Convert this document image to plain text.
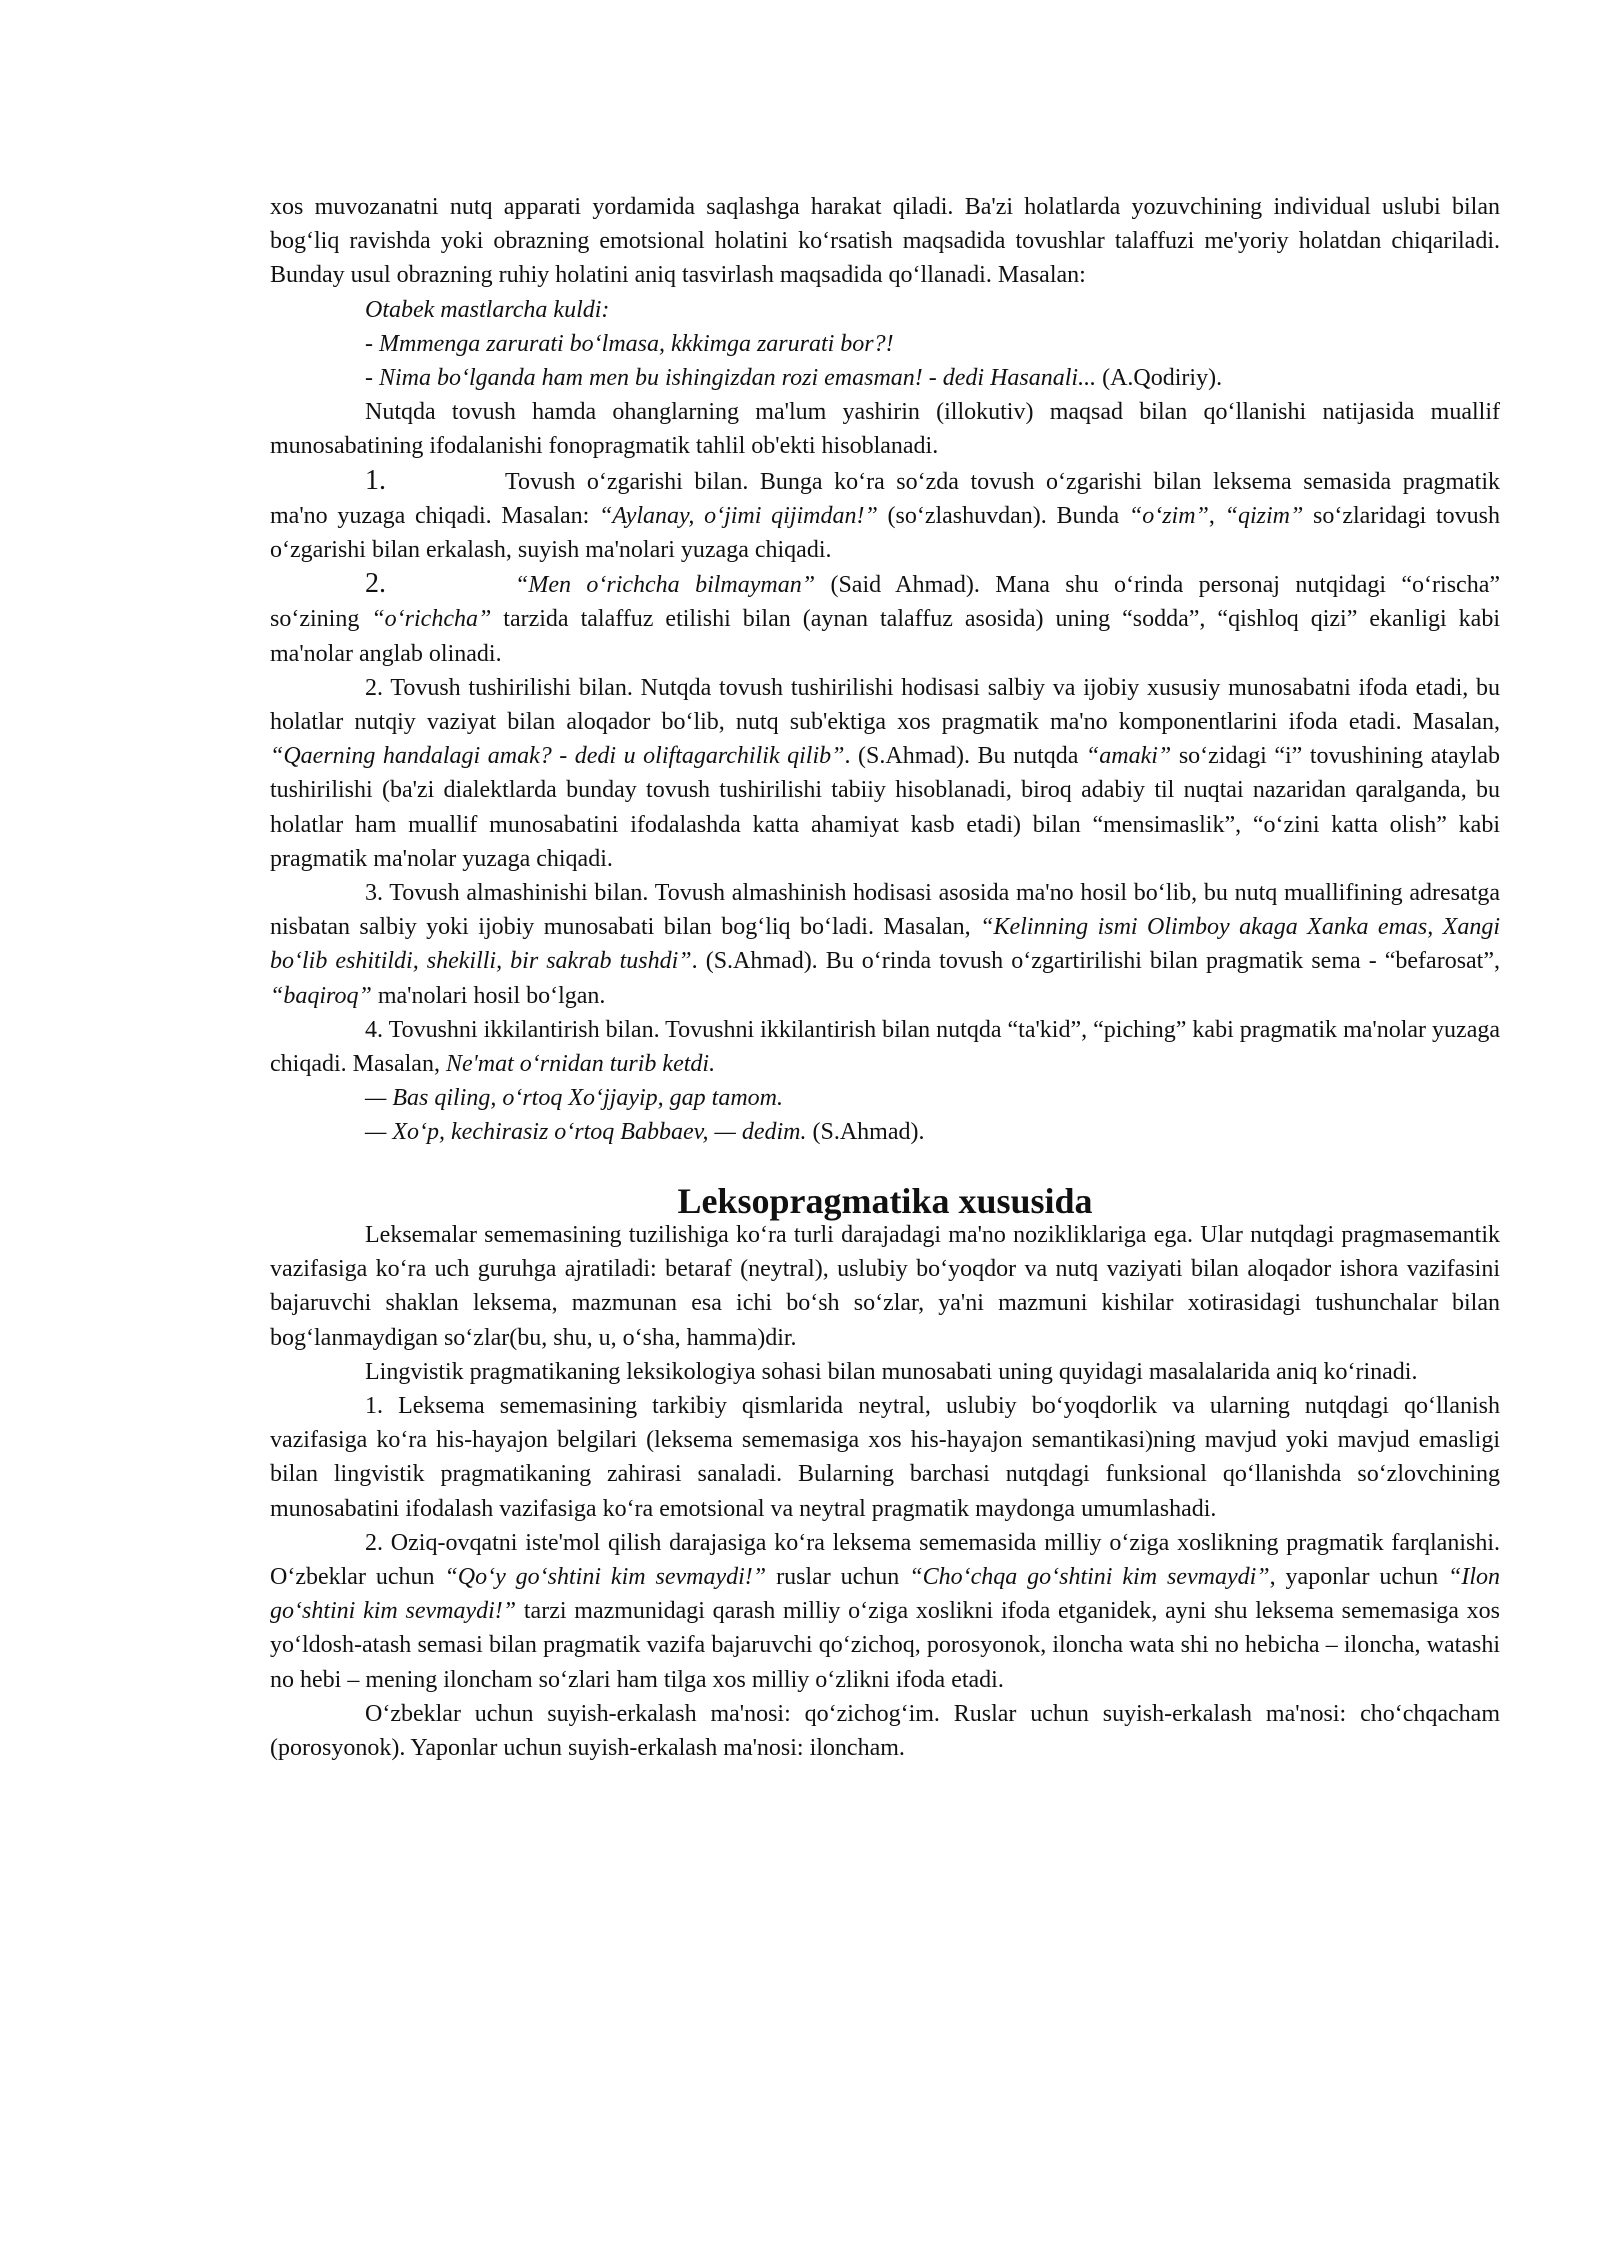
xos muvozanatni nutq apparati yordamida saqlashga harakat qiladi. Ba'zi holatlarda yozuvchining individual uslubi bilan bog‘liq ravishda yoki obrazning emotsional holatini ko‘rsatish maqsadida tovushlar talaffuzi me'yoriy holatdan chiqariladi. Bunday usul obrazning ruhiy holatini aniq tasvirlash maqsadida qo‘llanadi. Masalan:

Otabek mastlarcha kuldi:

- Mmmenga zarurati bo‘lmasa, kkkimga zarurati bor?!

- Nima bo‘lganda ham men bu ishingizdan rozi emasman! - dedi Hasanali... (A.Qodiriy).

Nutqda tovush hamda ohanglarning ma'lum yashirin (illokutiv) maqsad bilan qo‘llanishi natijasida muallif munosabatining ifodalanishi fonopragmatik tahlil ob'ekti hisoblanadi.

1.	Tovush o‘zgarishi bilan. Bunga ko‘ra so‘zda tovush o‘zgarishi bilan leksema semasida pragmatik ma'no yuzaga chiqadi. Masalan: “Aylanay, o‘jimi qijimdan!” (so‘zlashuvdan). Bunda “o‘zim”, “qizim” so‘zlaridagi tovush o‘zgarishi bilan erkalash, suyish ma'nolari yuzaga chiqadi.

2.	“Men o‘richcha bilmayman” (Said Ahmad). Mana shu o‘rinda personaj nutqidagi “o‘rischa” so‘zining “o‘richcha” tarzida talaffuz etilishi bilan (aynan talaffuz asosida) uning “sodda”, “qishloq qizi” ekanligi kabi ma'nolar anglab olinadi.

2. Tovush tushirilishi bilan. Nutqda tovush tushirilishi hodisasi salbiy va ijobiy xususiy munosabatni ifoda etadi, bu holatlar nutqiy vaziyat bilan aloqador bo‘lib, nutq sub'ektiga xos pragmatik ma'no komponentlarini ifoda etadi. Masalan, “Qaerning handalagi amak? - dedi u oliftagarchilik qilib”. (S.Ahmad). Bu nutqda “amaki” so‘zidagi “i” tovushining ataylab tushirilishi (ba'zi dialektlarda bunday tovush tushirilishi tabiiy hisoblanadi, biroq adabiy til nuqtai nazaridan qaralganda, bu holatlar ham muallif munosabatini ifodalashda katta ahamiyat kasb etadi) bilan “mensimaslik”, “o‘zini katta olish” kabi pragmatik ma'nolar yuzaga chiqadi.

3. Tovush almashinishi bilan. Tovush almashinish hodisasi asosida ma'no hosil bo‘lib, bu nutq muallifining adresatga nisbatan salbiy yoki ijobiy munosabati bilan bog‘liq bo‘ladi. Masalan, “Kelinning ismi Olimboy akaga Xanka emas, Xangi bo‘lib eshitildi, shekilli, bir sakrab tushdi”. (S.Ahmad). Bu o‘rinda tovush o‘zgartirilishi bilan pragmatik sema - “befarosat”, “baqiroq” ma'nolari hosil bo‘lgan.

4. Tovushni ikkilantirish bilan. Tovushni ikkilantirish bilan nutqda “ta'kid”, “piching” kabi pragmatik ma'nolar yuzaga chiqadi. Masalan, Ne'mat o‘rnidan turib ketdi.

— Bas qiling, o‘rtoq Xo‘jjayip, gap tamom.

— Xo‘p, kechirasiz o‘rtoq Babbaev, — dedim. (S.Ahmad).

Leksopragmatika xususida

Leksemalar sememasining tuzilishiga ko‘ra turli darajadagi ma'no nozikliklariga ega. Ular nutqdagi pragmasemantik vazifasiga ko‘ra uch guruhga ajratiladi: betaraf (neytral), uslubiy bo‘yoqdor va nutq vaziyati bilan aloqador ishora vazifasini bajaruvchi shaklan leksema, mazmunan esa ichi bo‘sh so‘zlar, ya'ni mazmuni kishilar xotirasidagi tushunchalar bilan bog‘lanmaydigan so‘zlar(bu, shu, u, o‘sha, hamma)dir.

Lingvistik pragmatikaning leksikologiya sohasi bilan munosabati uning quyidagi masalalarida aniq ko‘rinadi.

1. Leksema sememasining tarkibiy qismlarida neytral, uslubiy bo‘yoqdorlik va ularning nutqdagi qo‘llanish vazifasiga ko‘ra his-hayajon belgilari (leksema sememasiga xos his-hayajon semantikasi)ning mavjud yoki mavjud emasligi bilan lingvistik pragmatikaning zahirasi sanaladi. Bularning barchasi nutqdagi funksional qo‘llanishda so‘zlovchining munosabatini ifodalash vazifasiga ko‘ra emotsional va neytral pragmatik maydonga umumlashadi.

2. Oziq-ovqatni iste'mol qilish darajasiga ko‘ra leksema sememasida milliy o‘ziga xoslikning pragmatik farqlanishi. O‘zbeklar uchun “Qo‘y go‘shtini kim sevmaydi!” ruslar uchun “Cho‘chqa go‘shtini kim sevmaydi”, yaponlar uchun “Ilon go‘shtini kim sevmaydi!” tarzi mazmunidagi qarash milliy o‘ziga xoslikni ifoda etganidek, ayni shu leksema sememasiga xos yo‘ldosh-atash semasi bilan pragmatik vazifa bajaruvchi qo‘zichoq, porosyonok, iloncha wata shi no hebicha – iloncha, watashi no hebi – mening iloncham so‘zlari ham tilga xos milliy o‘zlikni ifoda etadi.

O‘zbeklar uchun suyish-erkalash ma'nosi: qo‘zichog‘im. Ruslar uchun suyish-erkalash ma'nosi: cho‘chqacham (porosyonok). Yaponlar uchun suyish-erkalash ma'nosi: iloncham.
